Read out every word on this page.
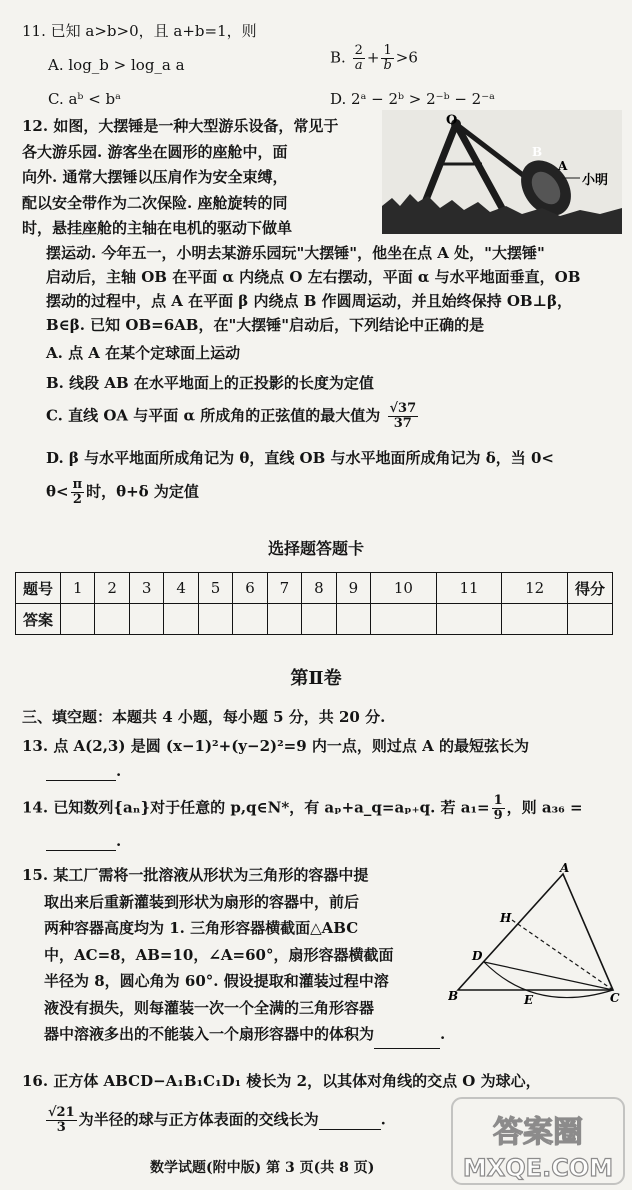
11. 已知 a>b>0，且 a+b=1，则
A. log_b > log_a a	B. $\frac{2}{a} + \frac{1}{b} >6$
C. aᵇ < bᵃ	D. 2ᵃ − 2ᵇ > 2⁻ᵇ − 2⁻ᵃ
12. 如图，大摆锤是一种大型游乐设备，常见于
各大游乐园. 游客坐在圆形的座舱中，面
向外. 通常大摆锤以压肩作为安全束缚，
配以安全带作为二次保险. 座舱旋转的同
时，悬挂座舱的主轴在电机的驱动下做单
摆运动. 今年五一，小明去某游乐园玩"大摆锤"，他坐在点 A 处，"大摆锤"
启动后，主轴 OB 在平面 α 内绕点 O 左右摆动，平面 α 与水平地面垂直，OB
摆动的过程中，点 A 在平面 β 内绕点 B 作圆周运动，并且始终保持 OB⊥β，
B∈β. 已知 OB=6AB，在"大摆锤"启动后，下列结论中正确的是
A. 点 A 在某个定球面上运动
B. 线段 AB 在水平地面上的正投影的长度为定值
C. 直线 OA 与平面 α 所成角的正弦值的最大值为 $\frac{√37}{37}$
D. β 与水平地面所成角记为 θ，直线 OB 与水平地面所成角记为 δ，当 0<
$\theta< \frac{\pi}{2}$ 时，θ+δ 为定值
O
B
A
小明
选择题答题卡
题号	1	2	3	4	5	6	7	8	9	10	11	12	得分
答案													
第Ⅱ卷
三、填空题：本题共 4 小题，每小题 5 分，共 20 分.
13. 点 A(2,3) 是圆 (x−1)²+(y−2)²=9 内一点，则过点 A 的最短弦长为
.
14. 已知数列{aₙ}对于任意的 p,q∈N*，有 aₚ+a_q=aₚ₊q. 若 $a_1= \frac{1}{9}$ ，则 a₃₆ =
.
15. 某工厂需将一批溶液从形状为三角形的容器中提
取出来后重新灌装到形状为扇形的容器中，前后
两种容器高度均为 1. 三角形容器横截面△ABC
中，AC=8，AB=10，∠A=60°，扇形容器横截面
半径为 8，圆心角为 60°. 假设提取和灌装过程中溶
液没有损失，则每灌装一次一个全满的三角形容器
器中溶液多出的不能装入一个扇形容器中的体积为	.
A
H
D
B	E	C
16. 正方体 ABCD−A₁B₁C₁D₁ 棱长为 2，以其体对角线的交点 O 为球心，
$\frac{√21}{3}$ 为半径的球与正方体表面的交线长为	.
数学试题(附中版) 第 3 页(共 8 页)
答案圈
MXQE.COM
